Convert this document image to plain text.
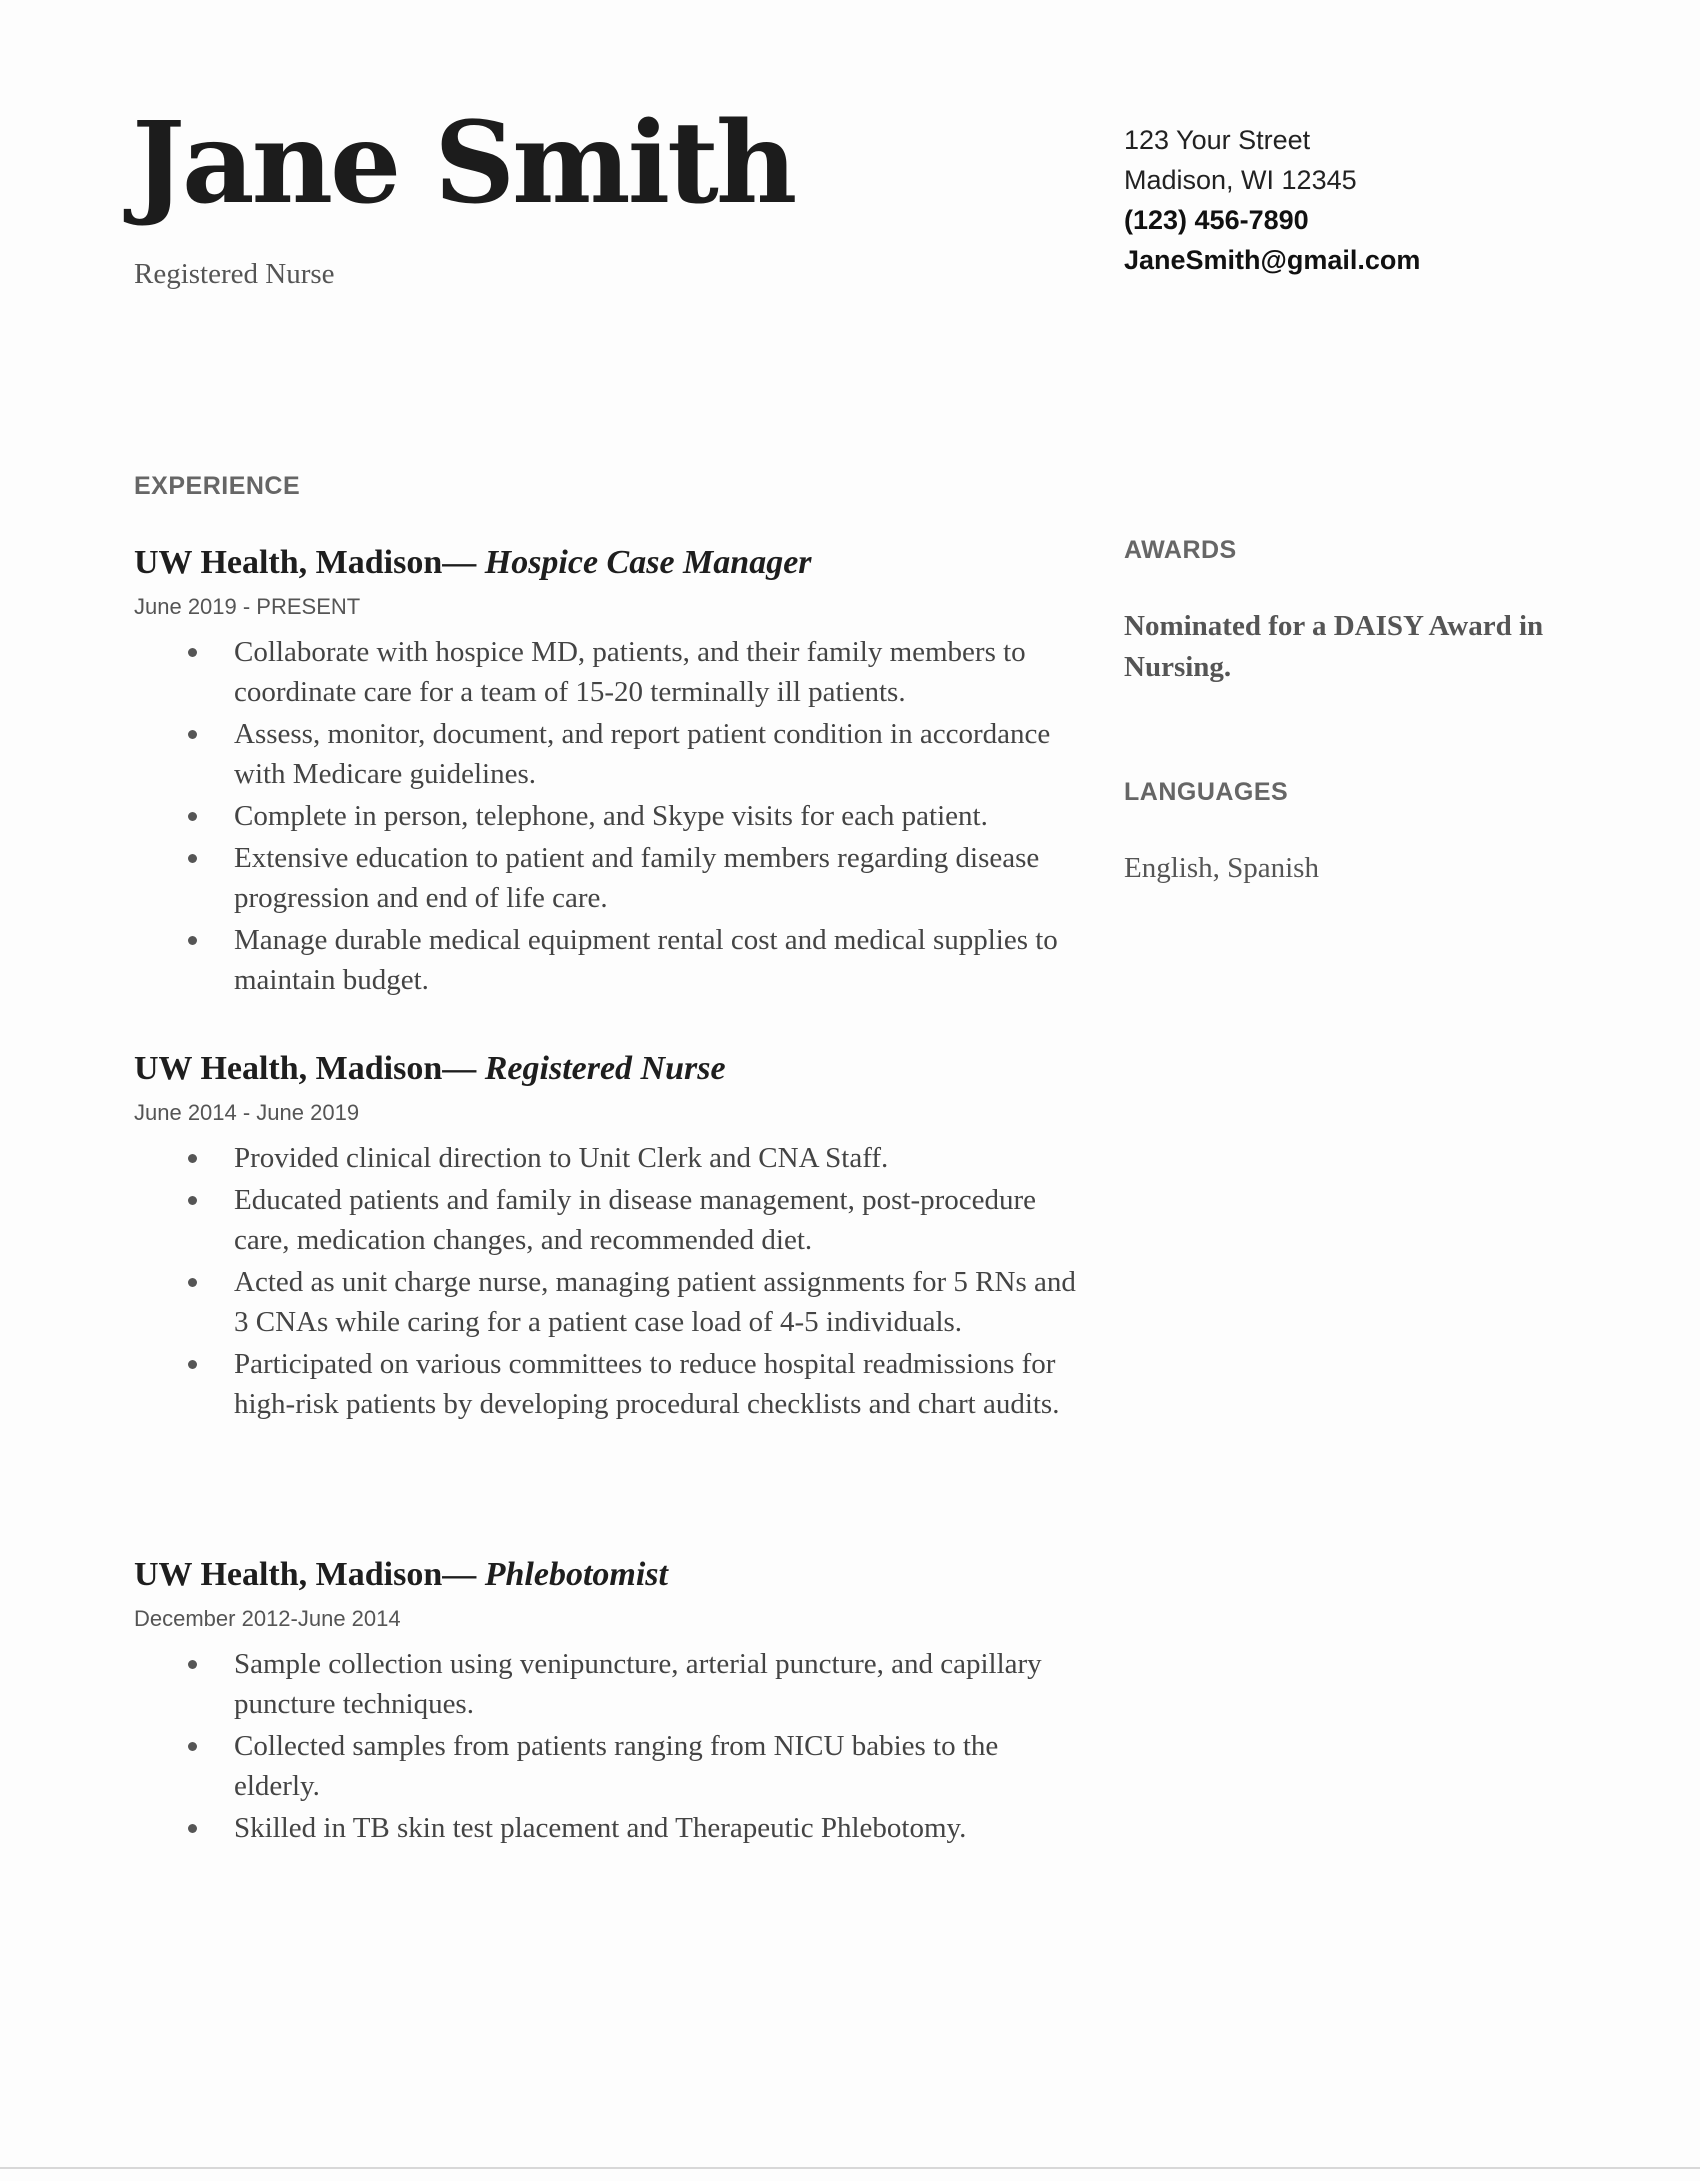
Jane Smith
Registered Nurse
123 Your Street
Madison, WI 12345
(123) 456-7890
JaneSmith@gmail.com
EXPERIENCE
UW Health, Madison— Hospice Case Manager
June 2019 - PRESENT
Collaborate with hospice MD, patients, and their family members to coordinate care for a team of 15-20 terminally ill patients.
Assess, monitor, document, and report patient condition in accordance with Medicare guidelines.
Complete in person, telephone, and Skype visits for each patient.
Extensive education to patient and family members regarding disease progression and end of life care.
Manage durable medical equipment rental cost and medical supplies to maintain budget.
UW Health, Madison— Registered Nurse
June 2014 - June 2019
Provided clinical direction to Unit Clerk and CNA Staff.
Educated patients and family in disease management, post-procedure care, medication changes, and recommended diet.
Acted as unit charge nurse, managing patient assignments for 5 RNs and 3 CNAs while caring for a patient case load of 4-5 individuals.
Participated on various committees to reduce hospital readmissions for high-risk patients by developing procedural checklists and chart audits.
UW Health, Madison— Phlebotomist
December 2012-June 2014
Sample collection using venipuncture, arterial puncture, and capillary puncture techniques.
Collected samples from patients ranging from NICU babies to the elderly.
Skilled in TB skin test placement and Therapeutic Phlebotomy.
AWARDS
Nominated for a DAISY Award in Nursing.
LANGUAGES
English, Spanish
